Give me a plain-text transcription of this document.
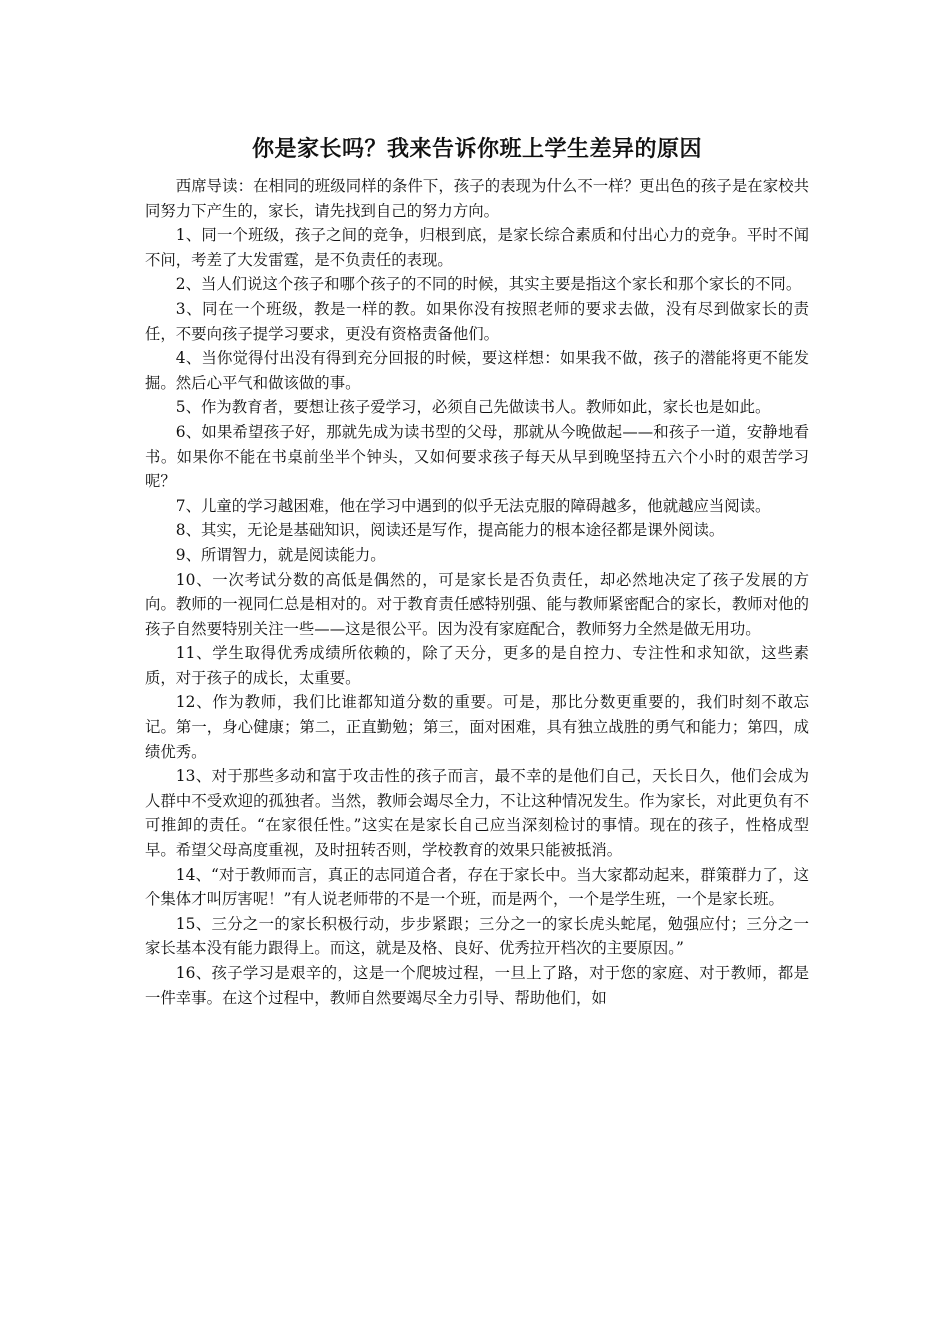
你是家长吗？我来告诉你班上学生差异的原因

西席导读：在相同的班级同样的条件下，孩子的表现为什么不一样？更出色的孩子是在家校共同努力下产生的，家长，请先找到自己的努力方向。

1、同一个班级，孩子之间的竞争，归根到底，是家长综合素质和付出心力的竞争。平时不闻不问，考差了大发雷霆，是不负责任的表现。

2、当人们说这个孩子和哪个孩子的不同的时候，其实主要是指这个家长和那个家长的不同。

3、同在一个班级，教是一样的教。如果你没有按照老师的要求去做，没有尽到做家长的责任，不要向孩子提学习要求，更没有资格责备他们。

4、当你觉得付出没有得到充分回报的时候，要这样想：如果我不做，孩子的潜能将更不能发掘。然后心平气和做该做的事。

5、作为教育者，要想让孩子爱学习，必须自己先做读书人。教师如此，家长也是如此。

6、如果希望孩子好，那就先成为读书型的父母，那就从今晚做起——和孩子一道，安静地看书。如果你不能在书桌前坐半个钟头，又如何要求孩子每天从早到晚坚持五六个小时的艰苦学习呢？

7、儿童的学习越困难，他在学习中遇到的似乎无法克服的障碍越多，他就越应当阅读。

8、其实，无论是基础知识，阅读还是写作，提高能力的根本途径都是课外阅读。

9、所谓智力，就是阅读能力。

10、一次考试分数的高低是偶然的，可是家长是否负责任，却必然地决定了孩子发展的方向。教师的一视同仁总是相对的。对于教育责任感特别强、能与教师紧密配合的家长，教师对他的孩子自然要特别关注一些——这是很公平。因为没有家庭配合，教师努力全然是做无用功。

11、学生取得优秀成绩所依赖的，除了天分，更多的是自控力、专注性和求知欲，这些素质，对于孩子的成长，太重要。

12、作为教师，我们比谁都知道分数的重要。可是，那比分数更重要的，我们时刻不敢忘记。第一，身心健康；第二，正直勤勉；第三，面对困难，具有独立战胜的勇气和能力；第四，成绩优秀。

13、对于那些多动和富于攻击性的孩子而言，最不幸的是他们自己，天长日久，他们会成为人群中不受欢迎的孤独者。当然，教师会竭尽全力，不让这种情况发生。作为家长，对此更负有不可推卸的责任。“在家很任性。”这实在是家长自己应当深刻检讨的事情。现在的孩子，性格成型早。希望父母高度重视，及时扭转否则，学校教育的效果只能被抵消。

14、“对于教师而言，真正的志同道合者，存在于家长中。当大家都动起来，群策群力了，这个集体才叫厉害呢！”有人说老师带的不是一个班，而是两个，一个是学生班，一个是家长班。

15、三分之一的家长积极行动，步步紧跟；三分之一的家长虎头蛇尾，勉强应付；三分之一家长基本没有能力跟得上。而这，就是及格、良好、优秀拉开档次的主要原因。”

16、孩子学习是艰辛的，这是一个爬坡过程，一旦上了路，对于您的家庭、对于教师，都是一件幸事。在这个过程中，教师自然要竭尽全力引导、帮助他们，如
